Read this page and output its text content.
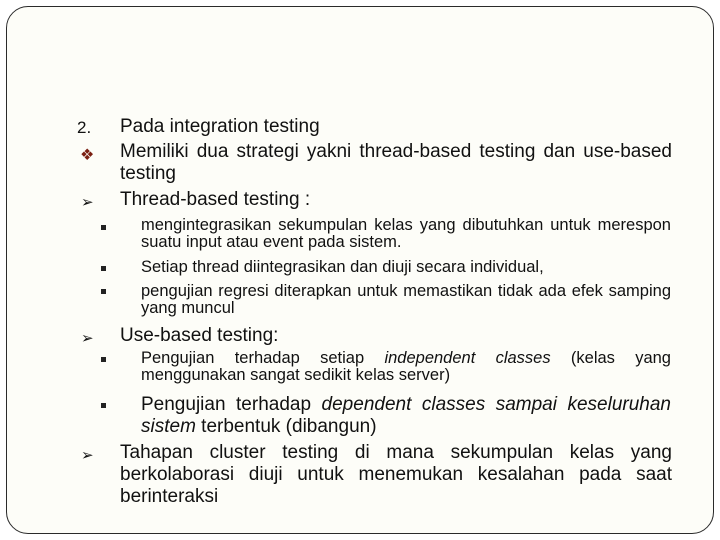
2. Pada integration testing
❖ Memiliki dua strategi yakni thread-based testing dan use-based testing
➢ Thread-based testing :
mengintegrasikan sekumpulan kelas yang dibutuhkan untuk merespon suatu input atau event pada sistem.
Setiap thread diintegrasikan dan diuji secara individual,
pengujian regresi diterapkan untuk memastikan tidak ada efek samping yang muncul
➢ Use-based testing:
Pengujian terhadap setiap independent classes (kelas yang menggunakan sangat sedikit kelas server)
Pengujian terhadap dependent classes sampai keseluruhan sistem terbentuk (dibangun)
➢ Tahapan cluster testing di mana sekumpulan kelas yang berkolaborasi diuji untuk menemukan kesalahan pada saat berinteraksi
